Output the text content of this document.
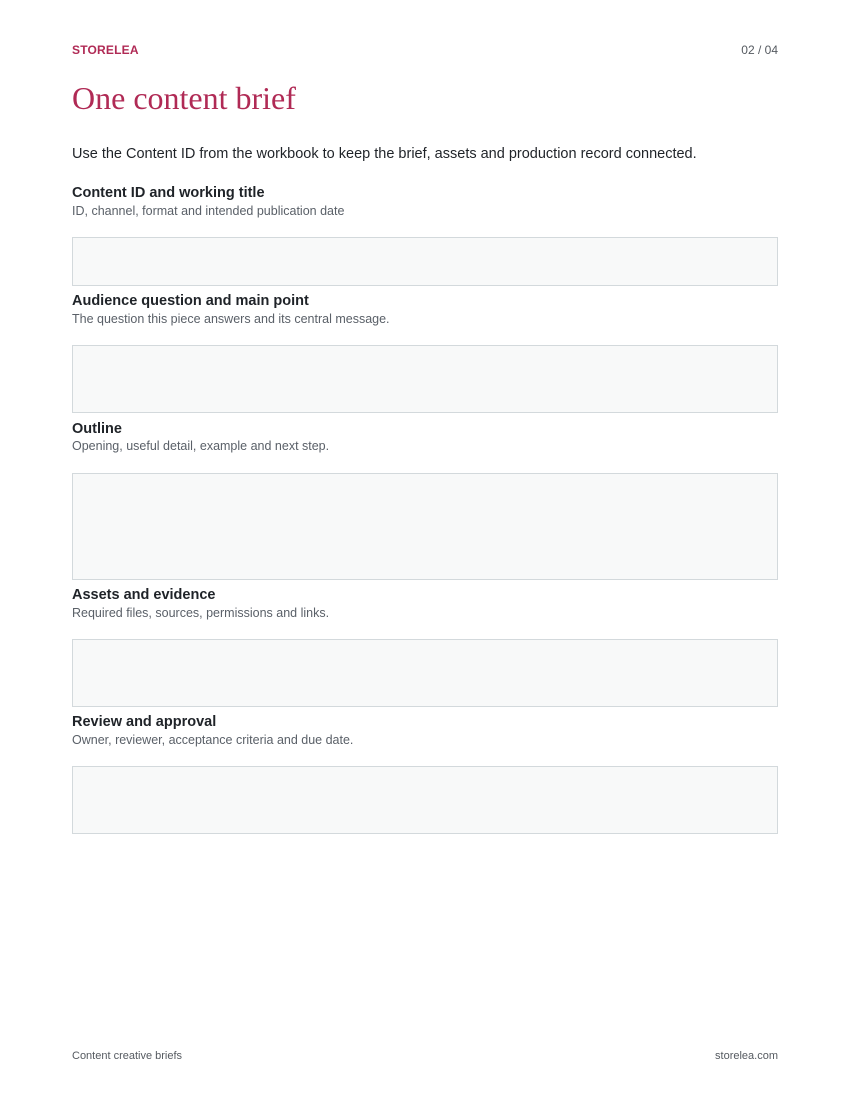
STORELEA	02 / 04
One content brief
Use the Content ID from the workbook to keep the brief, assets and production record connected.
Content ID and working title
ID, channel, format and intended publication date
Audience question and main point
The question this piece answers and its central message.
Outline
Opening, useful detail, example and next step.
Assets and evidence
Required files, sources, permissions and links.
Review and approval
Owner, reviewer, acceptance criteria and due date.
Content creative briefs	storelea.com
